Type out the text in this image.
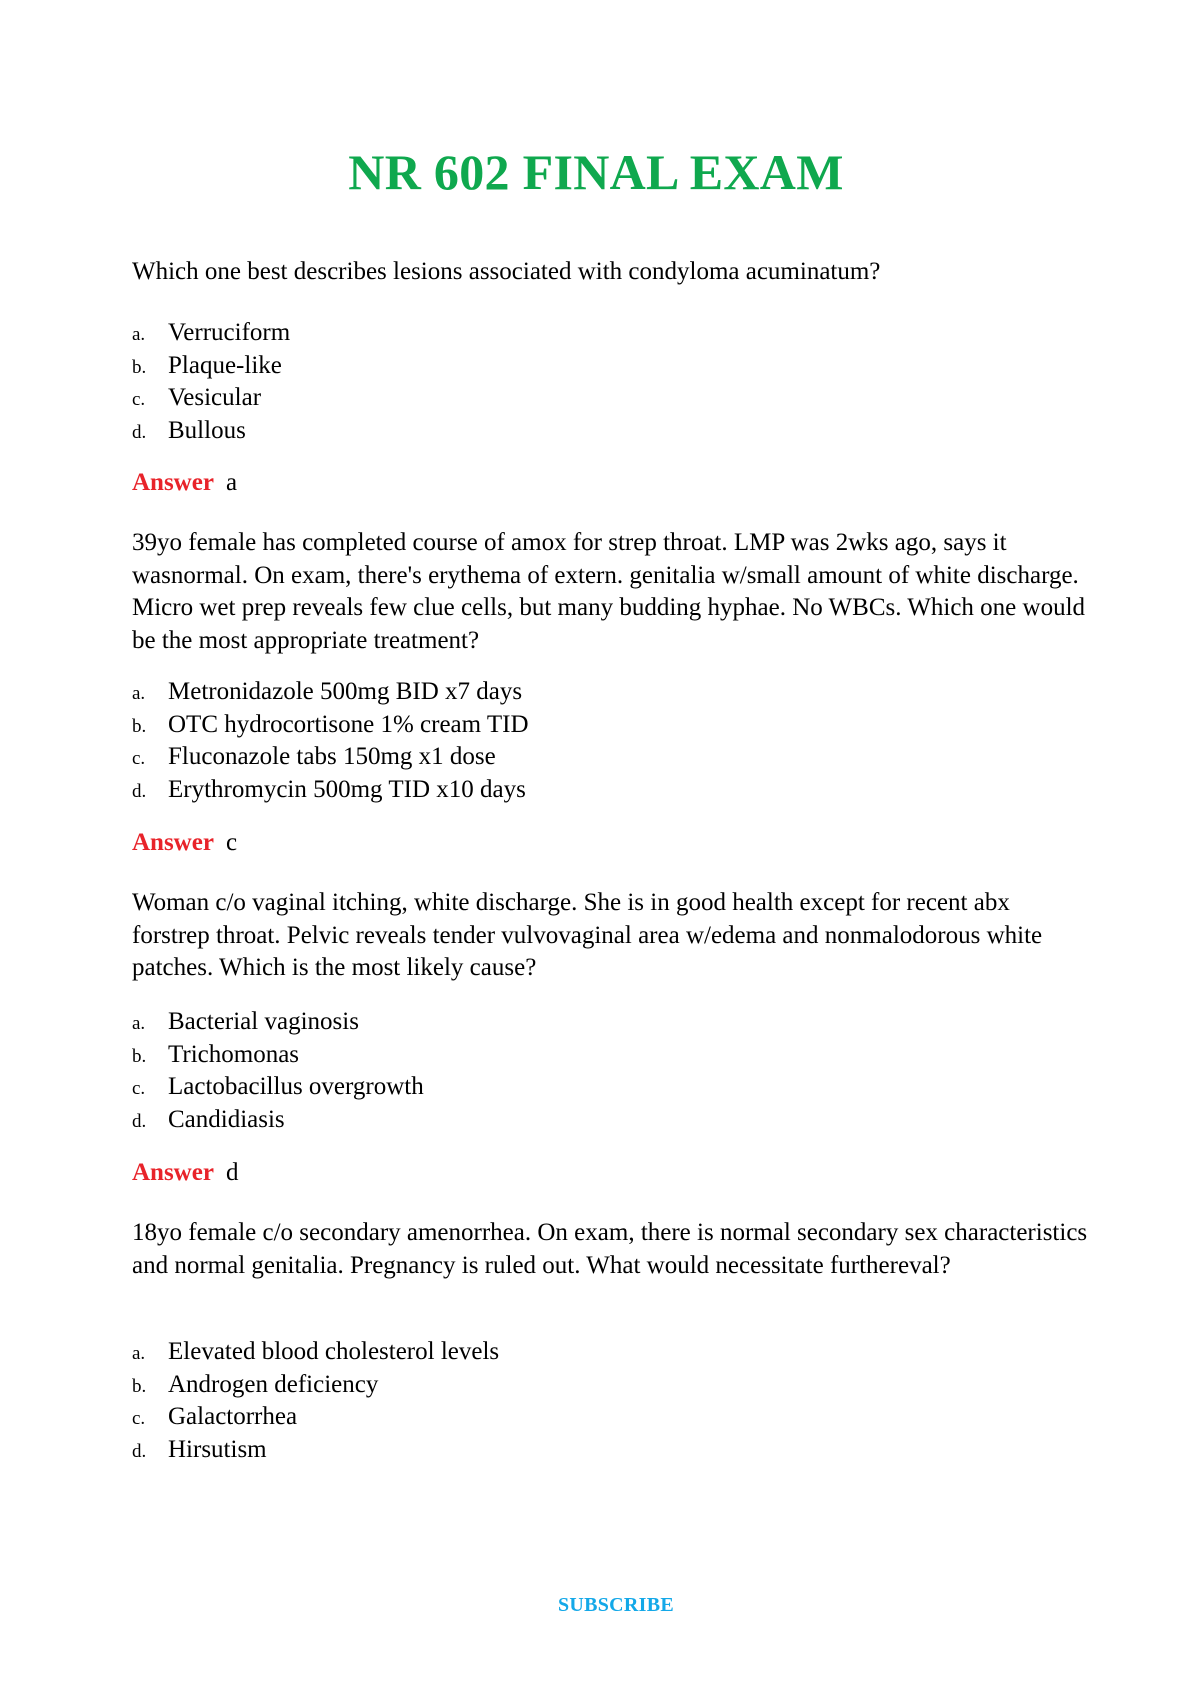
NR 602 FINAL EXAM

Which one best describes lesions associated with condyloma acuminatum?

a. Verruciform
b. Plaque-like
c. Vesicular
d. Bullous
Answer a

39yo female has completed course of amox for strep throat. LMP was 2wks ago, says it wasnormal. On exam, there's erythema of extern. genitalia w/small amount of white discharge. Micro wet prep reveals few clue cells, but many budding hyphae. No WBCs. Which one would be the most appropriate treatment?

a. Metronidazole 500mg BID x7 days
b. OTC hydrocortisone 1% cream TID
c. Fluconazole tabs 150mg x1 dose
d. Erythromycin 500mg TID x10 days
Answer c

Woman c/o vaginal itching, white discharge. She is in good health except for recent abx forstrep throat. Pelvic reveals tender vulvovaginal area w/edema and nonmalodorous white patches. Which is the most likely cause?

a. Bacterial vaginosis
b. Trichomonas
c. Lactobacillus overgrowth
d. Candidiasis
Answer d

18yo female c/o secondary amenorrhea. On exam, there is normal secondary sex characteristics and normal genitalia. Pregnancy is ruled out. What would necessitate furthereval?

a. Elevated blood cholesterol levels
b. Androgen deficiency
c. Galactorrhea
d. Hirsutism
SUBSCRIBE
